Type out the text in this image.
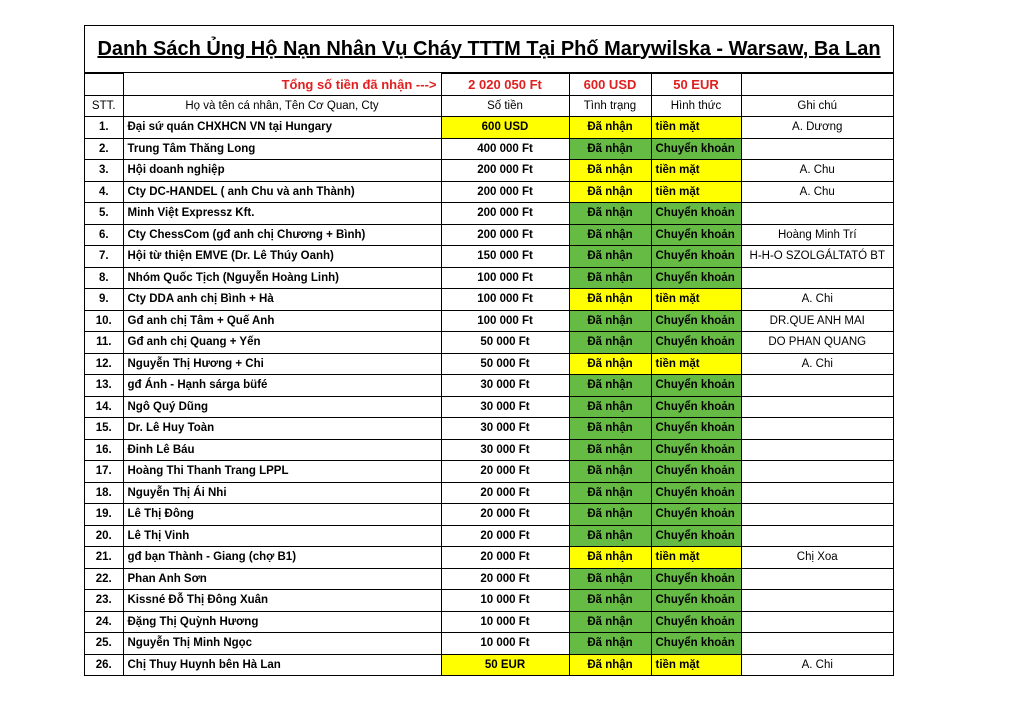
Danh Sách Ủng Hộ Nạn Nhân Vụ Cháy TTTM Tại Phố Marywilska - Warsaw, Ba Lan
	Tổng số tiền đã nhận --->	2 020 050 Ft	600 USD	50 EUR	
STT.	Họ và tên cá nhân, Tên Cơ Quan, Cty	Số tiền	Tình trạng	Hình thức	Ghi chú
1.	Đại sứ quán CHXHCN VN tại Hungary	600 USD	Đã nhận	tiền mặt	A. Dương
2.	Trung Tâm Thăng Long	400 000 Ft	Đã nhận	Chuyển khoản	
3.	Hội doanh nghiệp	200 000 Ft	Đã nhận	tiền mặt	A. Chu
4.	Cty DC-HANDEL ( anh Chu và anh Thành)	200 000 Ft	Đã nhận	tiền mặt	A. Chu
5.	Minh Việt Expressz Kft.	200 000 Ft	Đã nhận	Chuyển khoản	
6.	Cty ChessCom (gđ anh chị Chương + Bình)	200 000 Ft	Đã nhận	Chuyển khoản	Hoàng Minh Trí
7.	Hội từ thiện EMVE (Dr. Lê Thúy Oanh)	150 000 Ft	Đã nhận	Chuyển khoản	H-H-O SZOLGÁLTATÓ BT
8.	Nhóm Quốc Tịch (Nguyễn Hoàng Linh)	100 000 Ft	Đã nhận	Chuyển khoản	
9.	Cty DDA anh chị Bình + Hà	100 000 Ft	Đã nhận	tiền mặt	A. Chi
10.	Gđ anh chị Tâm + Quế Anh	100 000 Ft	Đã nhận	Chuyển khoản	DR.QUE ANH MAI
11.	Gđ anh chị Quang + Yến	50 000 Ft	Đã nhận	Chuyển khoản	DO PHAN QUANG
12.	Nguyễn Thị Hương + Chi	50 000 Ft	Đã nhận	tiền mặt	A. Chi
13.	gđ Ánh - Hạnh sárga büfé	30 000 Ft	Đã nhận	Chuyển khoản	
14.	Ngô Quý Dũng	30 000 Ft	Đã nhận	Chuyển khoản	
15.	Dr. Lê Huy Toàn	30 000 Ft	Đã nhận	Chuyển khoản	
16.	Đinh Lê Báu	30 000 Ft	Đã nhận	Chuyển khoản	
17.	Hoàng Thi Thanh Trang LPPL	20 000 Ft	Đã nhận	Chuyển khoản	
18.	Nguyễn Thị Ái Nhi	20 000 Ft	Đã nhận	Chuyển khoản	
19.	Lê Thị Đông	20 000 Ft	Đã nhận	Chuyển khoản	
20.	Lê Thị Vinh	20 000 Ft	Đã nhận	Chuyển khoản	
21.	gđ bạn Thành - Giang (chợ B1)	20 000 Ft	Đã nhận	tiền mặt	Chị Xoa
22.	Phan Anh Sơn	20 000 Ft	Đã nhận	Chuyển khoản	
23.	Kissné Đỗ Thị Đông Xuân	10 000 Ft	Đã nhận	Chuyển khoản	
24.	Đặng Thị Quỳnh Hương	10 000 Ft	Đã nhận	Chuyển khoản	
25.	Nguyễn Thị Minh Ngọc	10 000 Ft	Đã nhận	Chuyển khoản	
26.	Chị Thuy Huynh bên Hà Lan	50 EUR	Đã nhận	tiền mặt	A. Chi
